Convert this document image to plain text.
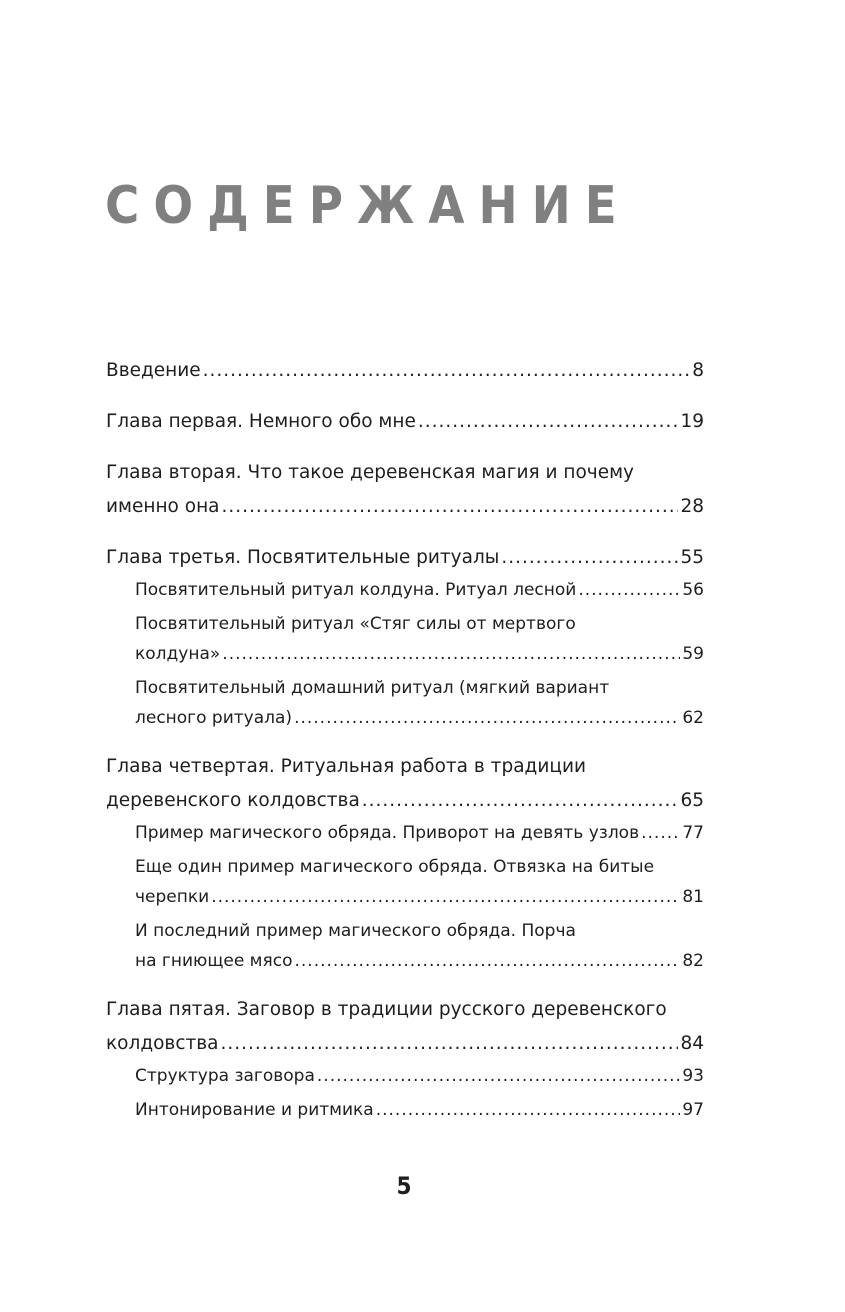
СОДЕРЖАНИЕ
Введение .....	8
Глава первая. Немного обо мне .....	19
Глава вторая. Что такое деревенская магия и почему
именно она .....	28
Глава третья. Посвятительные ритуалы .....	55
Посвятительный ритуал колдуна. Ритуал лесной .....	56
Посвятительный ритуал «Стяг силы от мертвого
колдуна» .....	59
Посвятительный домашний ритуал (мягкий вариант
лесного ритуала) .....	62
Глава четвертая. Ритуальная работа в традиции
деревенского колдовства .....	65
Пример магического обряда. Приворот на девять узлов .....	77
Еще один пример магического обряда. Отвязка на битые
черепки .....	81
И последний пример магического обряда. Порча
на гниющее мясо .....	82
Глава пятая. Заговор в традиции русского деревенского
колдовства .....	84
Структура заговора .....	93
Интонирование и ритмика .....	97
5
